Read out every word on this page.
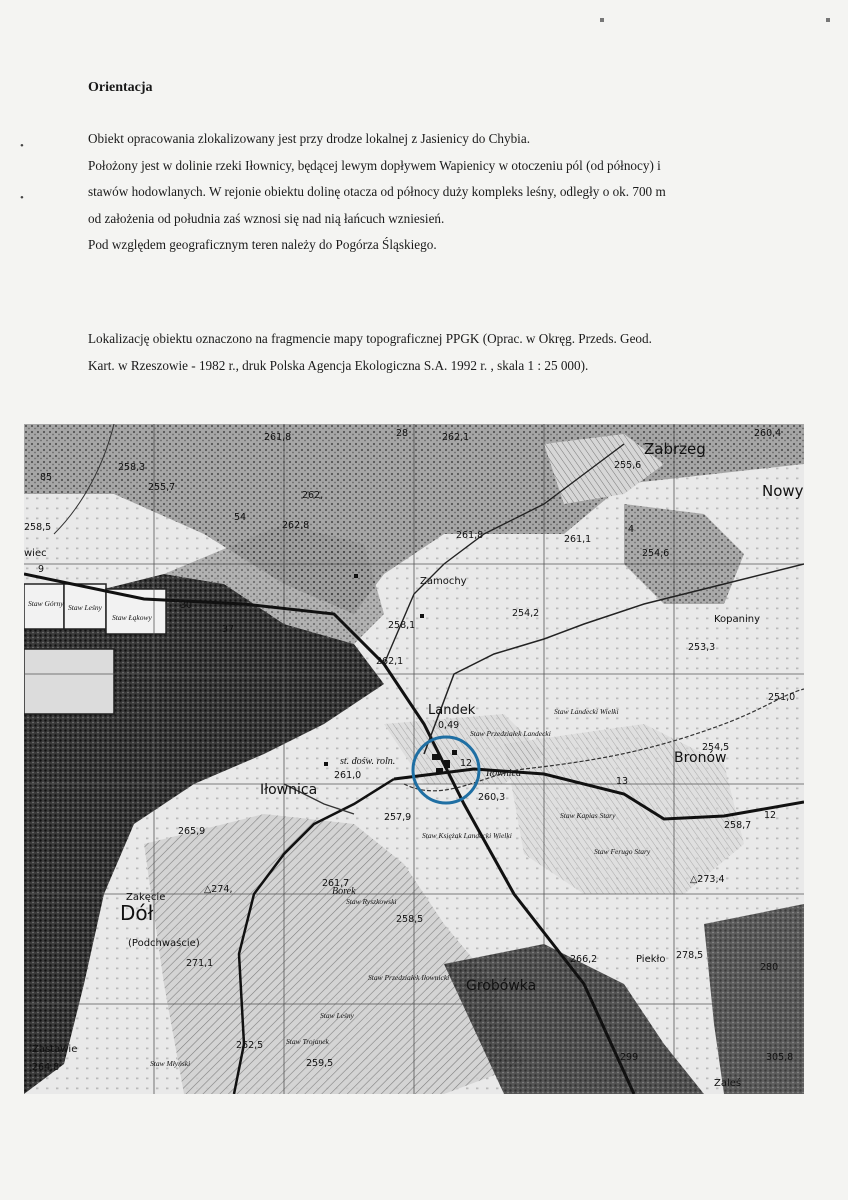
Orientacja
•
•

Obiekt opracowania zlokalizowany jest przy drodze lokalnej z Jasienicy do Chybia.

Położony jest w dolinie rzeki Iłownicy, będącej lewym dopływem Wapienicy w otoczeniu pól (od północy) i

stawów hodowlanych. W rejonie obiektu dolinę otacza od północy duży kompleks leśny, odległy o ok. 700 m

od założenia od południa zaś wznosi się nad nią łańcuch wzniesień.

Pod względem geograficznym teren należy do Pogórza Śląskiego.

Lokalizację obiektu oznaczono na fragmencie mapy topograficznej PPGK (Oprac. w Okręg. Przeds. Geod.

Kart. w Rzeszowie - 1982 r., druk Polska Agencja Ekologiczna S.A. 1992 r. , skala 1 : 25 000).

Zabrzeg
Nowy
Landek
Bronów
Iłownica
Dół
wiec
Zamochy
Kopaniny
Zakęcie
(Podchwaście)
Piekło
Zastawie
Zaleś
Grobówka
st. dośw. roln.
Borek
Iłownica
Staw Górny Staw Leśny
Staw Łąkowy
Staw Landecki Wielki
Staw Przedziałek Landecki
Staw Kapias Stary
Staw Księżak Landecki Wielki
Staw Ferugo Stary
Staw Ryszkowski
Staw Przedziałek Iłownicki
Staw Leśny
Staw Trojanek
Staw Młyński
258,3
255,7
258,5
261,8
262,
262,8
262,1
261,8	261,1
255,6
260,4
254,6
254,2
258,1
262,1
253,3
251,0
0,49
254,5
261,0
260,3
257,9
258,7
265,9
△274,
△273,4
261,7
258,5
271,1	266,2	278,5
262,5
259,5
264,8
299	305,8
280
85
28
12
12
13
30
37
9
54
4
